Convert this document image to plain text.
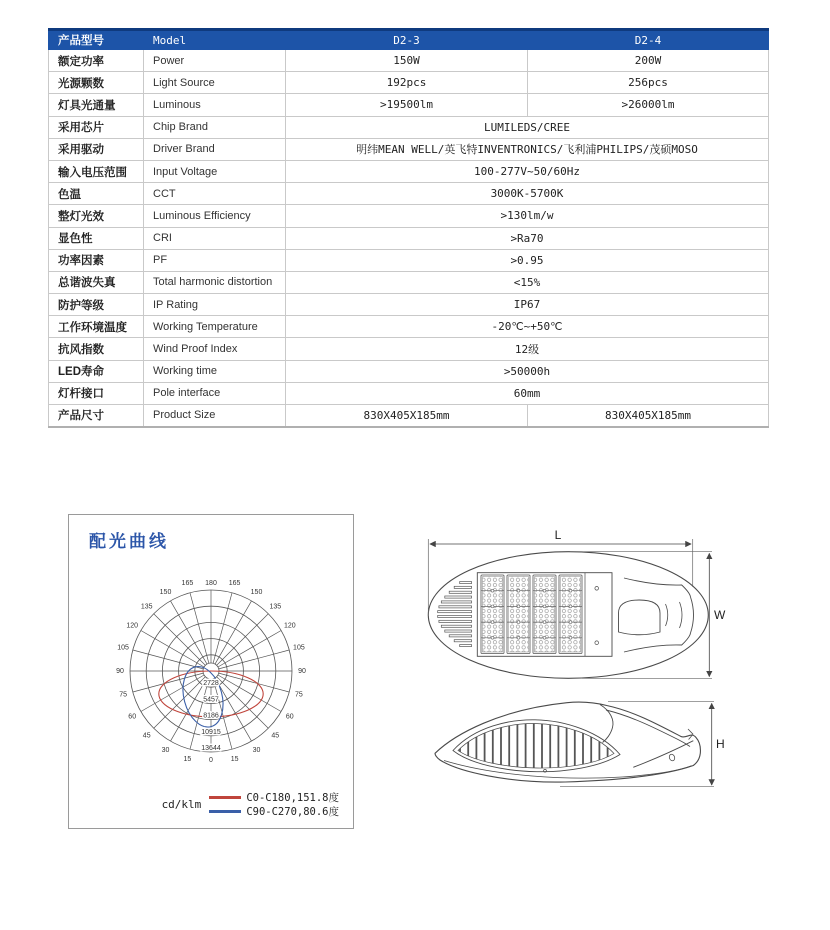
产品型号	Model	D2-3	D2-4
额定功率	Power	150W	200W
光源颗数	Light Source	192pcs	256pcs
灯具光通量	Luminous	>19500lm	>26000lm
采用芯片	Chip Brand	LUMILEDS/CREE	
采用驱动	Driver Brand	明纬MEAN WELL/英飞特INVENTRONICS/飞利浦PHILIPS/茂硕MOSO	
输入电压范围	Input Voltage	100-277V~50/60Hz	
色温	CCT	3000K-5700K	
整灯光效	Luminous Efficiency	>130lm/w	
显色性	CRI	>Ra70	
功率因素	PF	>0.95	
总谐波失真	Total harmonic distortion	<15%	
防护等级	IP Rating	IP67	
工作环境温度	Working Temperature	-20℃~+50℃	
抗风指数	Wind Proof Index	12级	
LED寿命	Working time	>50000h	
灯杆接口	Pole interface	60mm	
产品尺寸	Product Size	830X405X185mm	830X405X185mm
2728
5457
8186
10915
13644
0
15	15
30	30
45	45
60	60
75	75
90	90
105	105
120	120
135	135
150	150
165	165
180
配光曲线
cd/klm	C0-C180,151.8度
C90-C270,80.6度
L
W
H
